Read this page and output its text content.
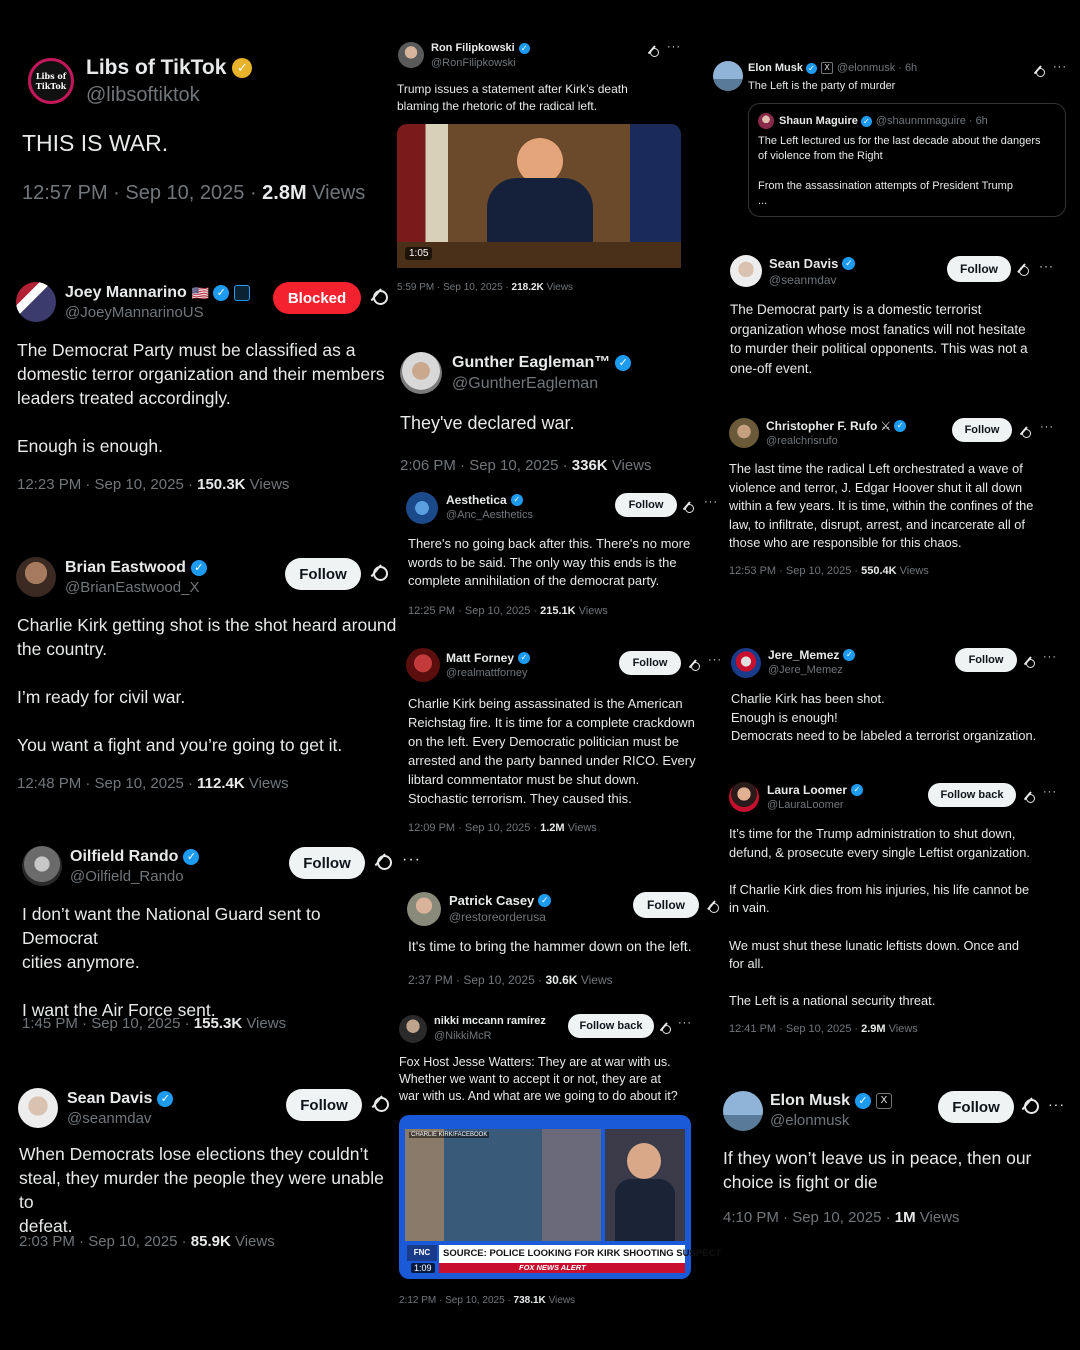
Libs of TikTok
Libs of TikTok ✓
@libsoftiktok
THIS IS WAR.
12:57 PM · Sep 10, 2025 · 2.8M Views
Joey Mannarino 🇺🇸 ✓
@JoeyMannarinoUS
Blocked
The Democrat Party must be classified as a
domestic terror organization and their members
leaders treated accordingly.

Enough is enough.
12:23 PM · Sep 10, 2025 · 150.3K Views
Brian Eastwood ✓
@BrianEastwood_X
Follow
Charlie Kirk getting shot is the shot heard around
the country.

I’m ready for civil war.

You want a fight and you’re going to get it.
12:48 PM · Sep 10, 2025 · 112.4K Views
Oilfield Rando ✓
@Oilfield_Rando
Follow
I don’t want the National Guard sent to Democrat
cities anymore.

I want the Air Force sent.
1:45 PM · Sep 10, 2025 · 155.3K Views
···
Sean Davis ✓
@seanmdav
Follow
When Democrats lose elections they couldn’t
steal, they murder the people they were unable to
defeat.
2:03 PM · Sep 10, 2025 · 85.9K Views
Ron Filipkowski ✓
@RonFilipkowski
···
Trump issues a statement after Kirk’s death
blaming the rhetoric of the radical left.
1:05
5:59 PM · Sep 10, 2025 · 218.2K Views
Gunther Eagleman™ ✓
@GuntherEagleman
They've declared war.
2:06 PM · Sep 10, 2025 · 336K Views
Aesthetica ✓
@Anc_Aesthetics
Follow	···
There's no going back after this. There's no more
words to be said. The only way this ends is the
complete annihilation of the democrat party.
12:25 PM · Sep 10, 2025 · 215.1K Views
Matt Forney ✓
@realmattforney
Follow	···
Charlie Kirk being assassinated is the American
Reichstag fire. It is time for a complete crackdown
on the left. Every Democratic politician must be
arrested and the party banned under RICO. Every
libtard commentator must be shut down.
Stochastic terrorism. They caused this.
12:09 PM · Sep 10, 2025 · 1.2M Views
Patrick Casey ✓
@restoreorderusa
Follow
It's time to bring the hammer down on the left.
2:37 PM · Sep 10, 2025 · 30.6K Views
nikki mccann ramírez
@NikkiMcR
Follow back	···
Fox Host Jesse Watters: They are at war with us.
Whether we want to accept it or not, they are at
war with us. And what are we going to do about it?
CHARLIE KIRK/FACEBOOK
SOURCE: POLICE LOOKING FOR KIRK SHOOTING SUSPECT
FOX NEWS ALERT
FNC
1:09
2:12 PM · Sep 10, 2025 · 738.1K Views
Elon Musk ✓	X @elonmusk · 6h	···
The Left is the party of murder
Shaun Maguire ✓ @shaunmmaguire · 6h
The Left lectured us for the last decade about the dangers
of violence from the Right

From the assassination attempts of President Trump
...
Sean Davis ✓
@seanmdav
Follow	···
The Democrat party is a domestic terrorist
organization whose most fanatics will not hesitate
to murder their political opponents. This was not a
one-off event.
Christopher F. Rufo ⚔ ✓
@realchrisrufo
Follow	···
The last time the radical Left orchestrated a wave of
violence and terror, J. Edgar Hoover shut it all down
within a few years. It is time, within the confines of the
law, to infiltrate, disrupt, arrest, and incarcerate all of
those who are responsible for this chaos.
12:53 PM · Sep 10, 2025 · 550.4K Views
Jere_Memez ✓
@Jere_Memez
Follow	···
Charlie Kirk has been shot.
Enough is enough!
Democrats need to be labeled a terrorist organization.
Laura Loomer ✓
@LauraLoomer
Follow back	···
It’s time for the Trump administration to shut down,
defund, & prosecute every single Leftist organization.

If Charlie Kirk dies from his injuries, his life cannot be
in vain.

We must shut these lunatic leftists down. Once and
for all.

The Left is a national security threat.
12:41 PM · Sep 10, 2025 · 2.9M Views
Elon Musk ✓	X
@elonmusk
Follow	···
If they won’t leave us in peace, then our
choice is fight or die
4:10 PM · Sep 10, 2025 · 1M Views
